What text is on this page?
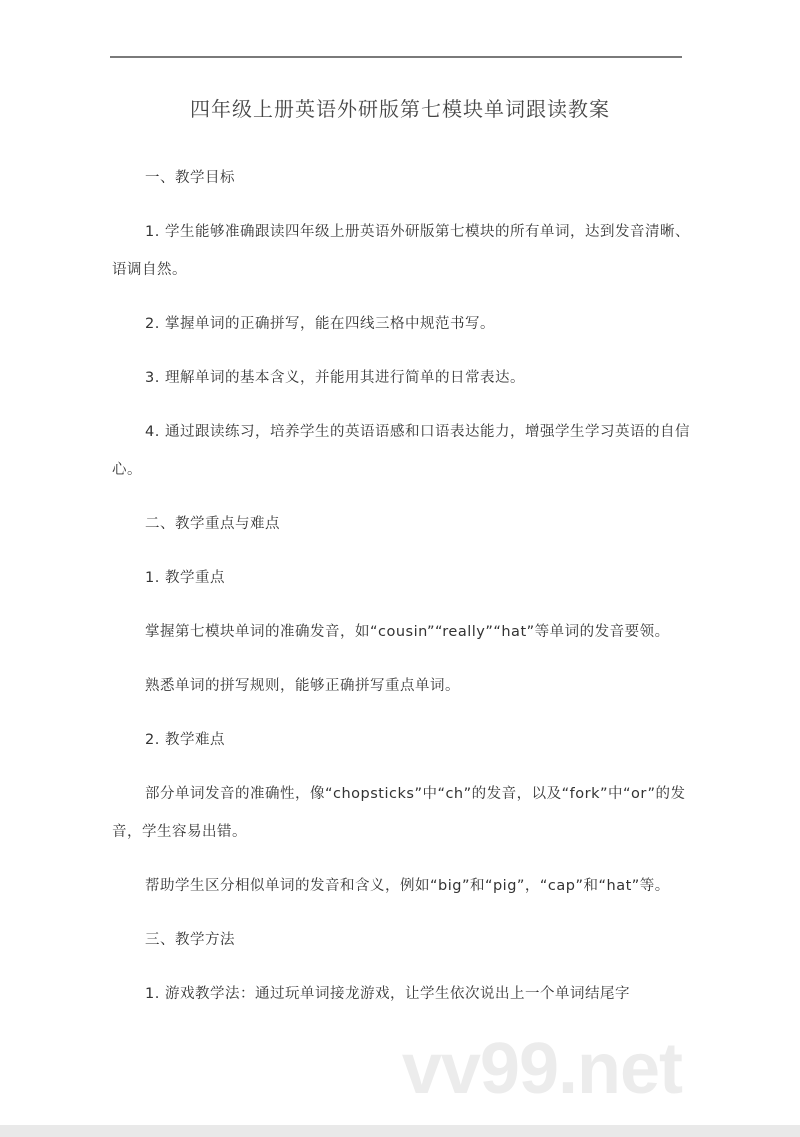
四年级上册英语外研版第七模块单词跟读教案
一、教学目标
1. 学生能够准确跟读四年级上册英语外研版第七模块的所有单词，达到发音清晰、语调自然。
2. 掌握单词的正确拼写，能在四线三格中规范书写。
3. 理解单词的基本含义，并能用其进行简单的日常表达。
4. 通过跟读练习，培养学生的英语语感和口语表达能力，增强学生学习英语的自信心。
二、教学重点与难点
1. 教学重点
掌握第七模块单词的准确发音，如“cousin”“really”“hat”等单词的发音要领。
熟悉单词的拼写规则，能够正确拼写重点单词。
2. 教学难点
部分单词发音的准确性，像“chopsticks”中“ch”的发音，以及“fork”中“or”的发音，学生容易出错。
帮助学生区分相似单词的发音和含义，例如“big”和“pig”，“cap”和“hat”等。
三、教学方法
1. 游戏教学法：通过玩单词接龙游戏，让学生依次说出上一个单词结尾字
vv99.net
